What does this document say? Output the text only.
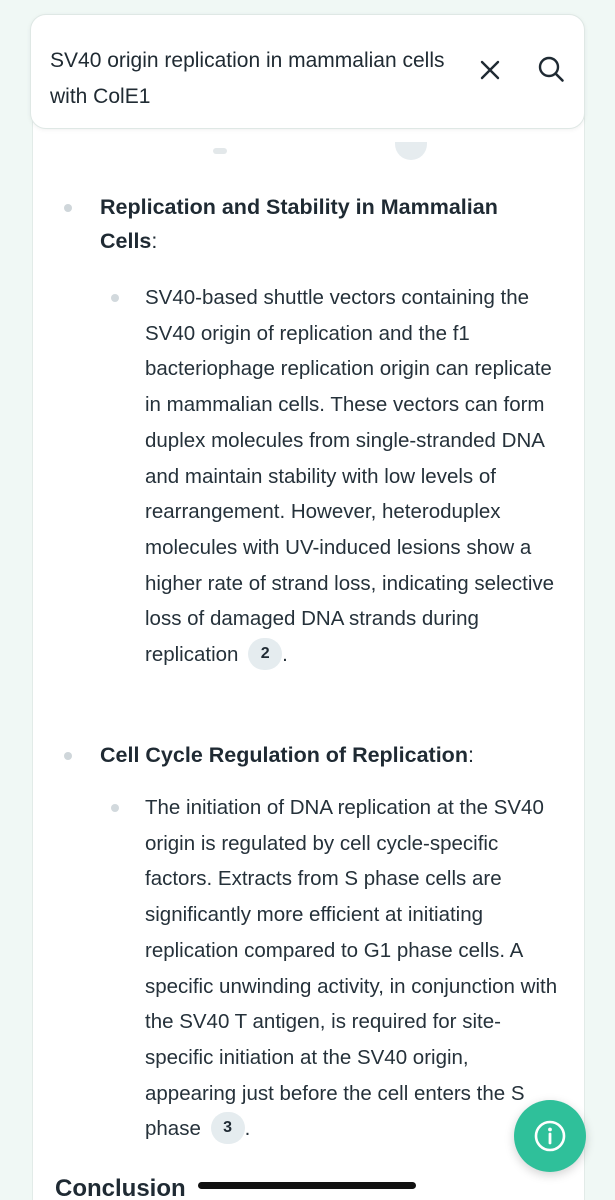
SV40 origin replication in mammalian cells with ColE1

Replication and Stability in Mammalian Cells:

SV40-based shuttle vectors containing the SV40 origin of replication and the f1 bacteriophage replication origin can replicate in mammalian cells. These vectors can form duplex molecules from single-stranded DNA and maintain stability with low levels of rearrangement. However, heteroduplex molecules with UV-induced lesions show a higher rate of strand loss, indicating selective loss of damaged DNA strands during replication 2 .

Cell Cycle Regulation of Replication:

The initiation of DNA replication at the SV40 origin is regulated by cell cycle-specific factors. Extracts from S phase cells are significantly more efficient at initiating replication compared to G1 phase cells. A specific unwinding activity, in conjunction with the SV40 T antigen, is required for site-specific initiation at the SV40 origin, appearing just before the cell enters the S phase 3 .

Conclusion
